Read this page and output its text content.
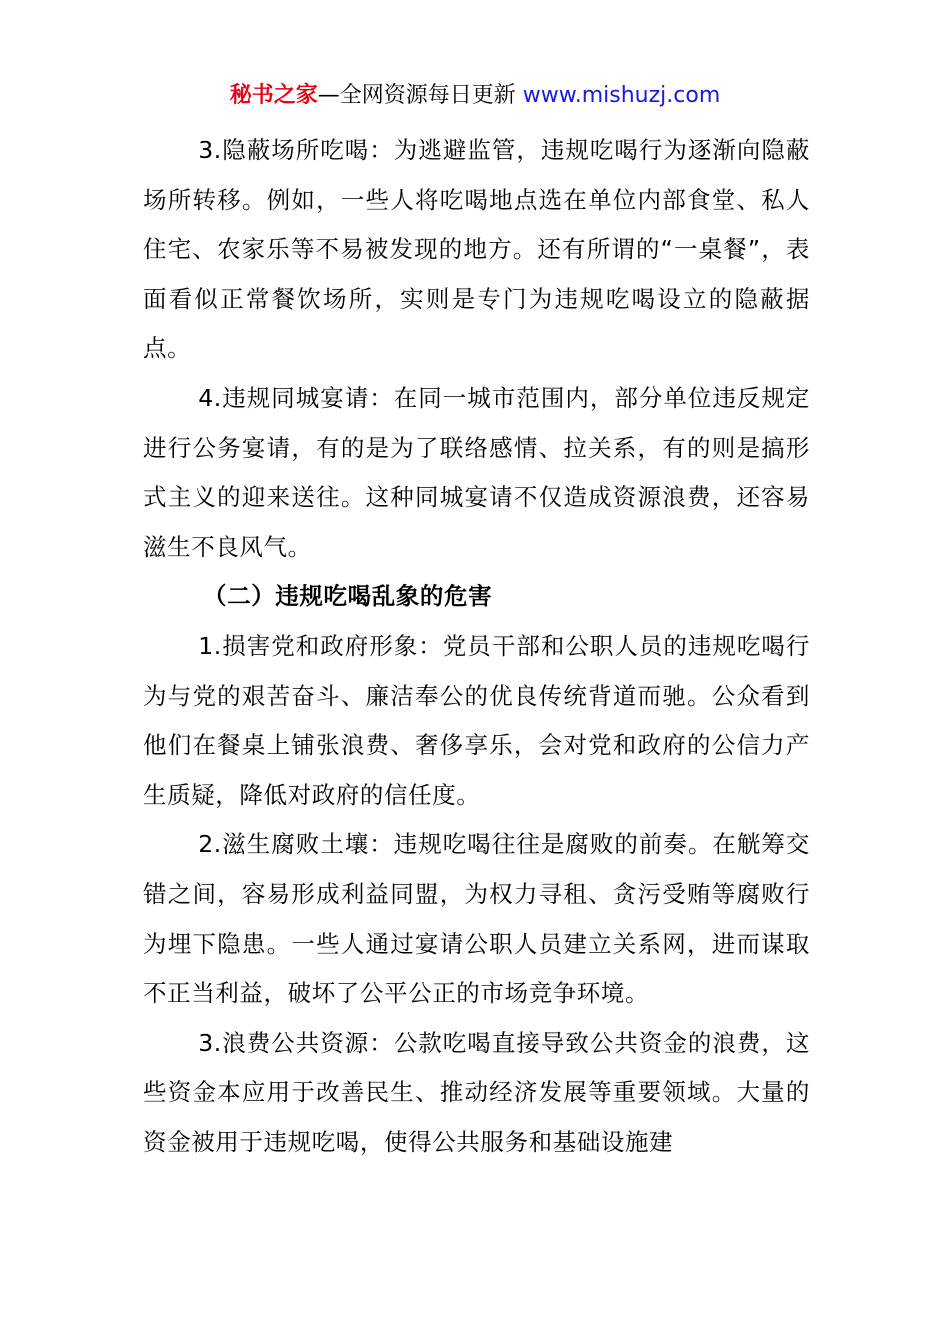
秘书之家—全网资源每日更新 www.mishuzj.com

3.隐蔽场所吃喝：为逃避监管，违规吃喝行为逐渐向隐蔽场所转移。例如，一些人将吃喝地点选在单位内部食堂、私人住宅、农家乐等不易被发现的地方。还有所谓的“一桌餐”，表面看似正常餐饮场所，实则是专门为违规吃喝设立的隐蔽据点。

4.违规同城宴请：在同一城市范围内，部分单位违反规定进行公务宴请，有的是为了联络感情、拉关系，有的则是搞形式主义的迎来送往。这种同城宴请不仅造成资源浪费，还容易滋生不良风气。

（二）违规吃喝乱象的危害

1.损害党和政府形象：党员干部和公职人员的违规吃喝行为与党的艰苦奋斗、廉洁奉公的优良传统背道而驰。公众看到他们在餐桌上铺张浪费、奢侈享乐，会对党和政府的公信力产生质疑，降低对政府的信任度。

2.滋生腐败土壤：违规吃喝往往是腐败的前奏。在觥筹交错之间，容易形成利益同盟，为权力寻租、贪污受贿等腐败行为埋下隐患。一些人通过宴请公职人员建立关系网，进而谋取不正当利益，破坏了公平公正的市场竞争环境。

3.浪费公共资源：公款吃喝直接导致公共资金的浪费，这些资金本应用于改善民生、推动经济发展等重要领域。大量的资金被用于违规吃喝，使得公共服务和基础设施建
